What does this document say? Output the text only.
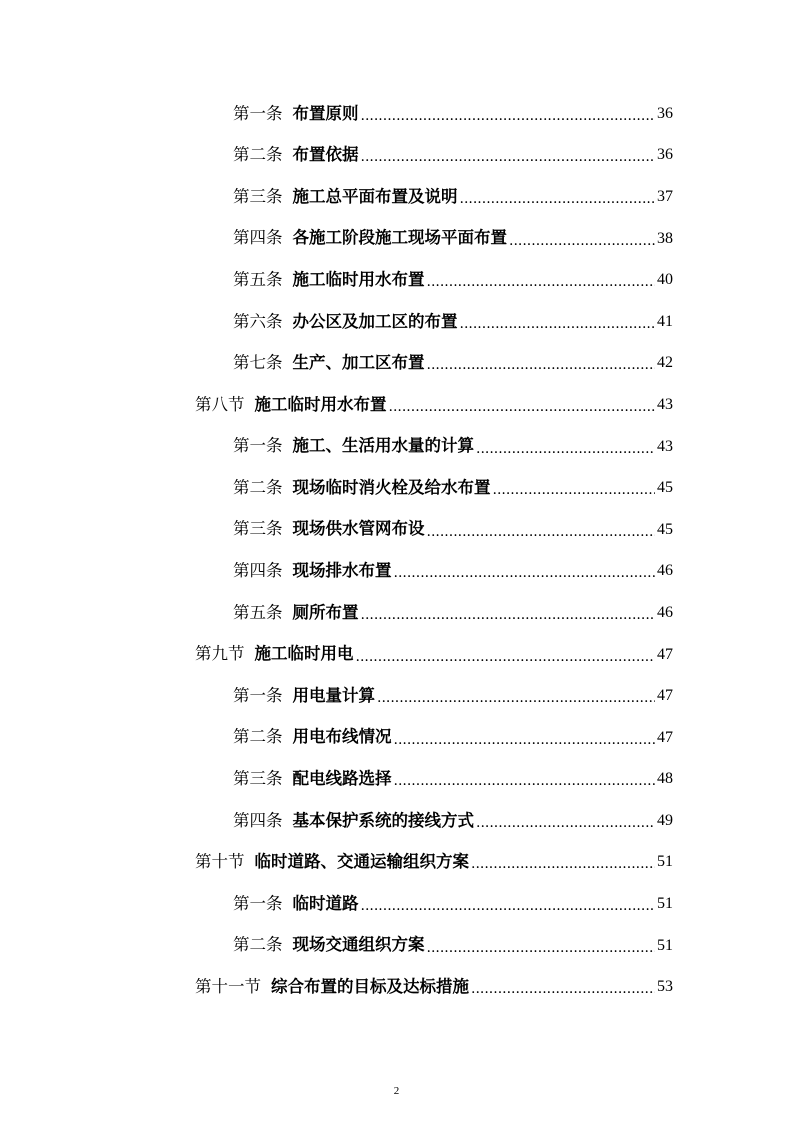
第一条 布置原则 .....	36
第二条 布置依据 .....	36
第三条 施工总平面布置及说明 .....	37
第四条 各施工阶段施工现场平面布置 .....	38
第五条 施工临时用水布置 .....	40
第六条 办公区及加工区的布置 .....	41
第七条 生产、加工区布置 .....	42
第八节 施工临时用水布置 .....	43
第一条 施工、生活用水量的计算 .....	43
第二条 现场临时消火栓及给水布置 .....	45
第三条 现场供水管网布设 .....	45
第四条 现场排水布置 .....	46
第五条 厕所布置 .....	46
第九节 施工临时用电 .....	47
第一条 用电量计算 .....	47
第二条 用电布线情况 .....	47
第三条 配电线路选择 .....	48
第四条 基本保护系统的接线方式 .....	49
第十节 临时道路、交通运输组织方案 .....	51
第一条 临时道路 .....	51
第二条 现场交通组织方案 .....	51
第十一节 综合布置的目标及达标措施 .....	53
2
